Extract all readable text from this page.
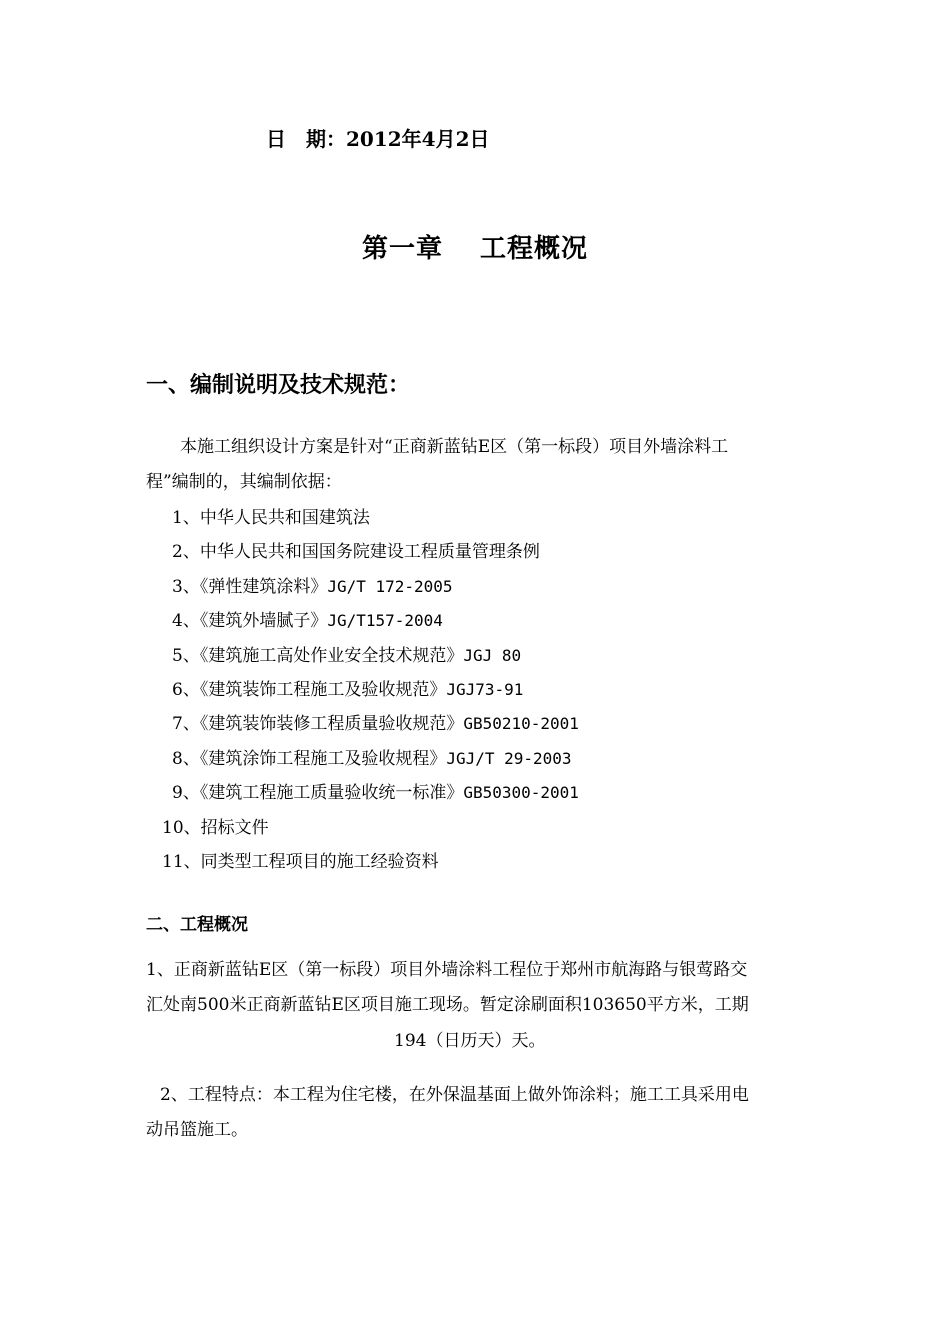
日　期：2012年4月2日
第一章　 工程概况
一、编制说明及技术规范：
本施工组织设计方案是针对“正商新蓝钻E区（第一标段）项目外墙涂料工
程”编制的，其编制依据：
1、中华人民共和国建筑法
2、中华人民共和国国务院建设工程质量管理条例
3、《弹性建筑涂料》JG/T 172-2005
4、《建筑外墙腻子》JG/T157-2004
5、《建筑施工高处作业安全技术规范》JGJ 80
6、《建筑装饰工程施工及验收规范》JGJ73-91
7、《建筑装饰装修工程质量验收规范》GB50210-2001
8、《建筑涂饰工程施工及验收规程》JGJ/T 29-2003
9、《建筑工程施工质量验收统一标准》GB50300-2001
10、招标文件
11、同类型工程项目的施工经验资料
二、工程概况
1、正商新蓝钻E区（第一标段）项目外墙涂料工程位于郑州市航海路与银莺路交
汇处南500米正商新蓝钻E区项目施工现场。暂定涂刷面积103650平方米，工期
194（日历天）天。
2、工程特点：本工程为住宅楼，在外保温基面上做外饰涂料；施工工具采用电
动吊篮施工。
